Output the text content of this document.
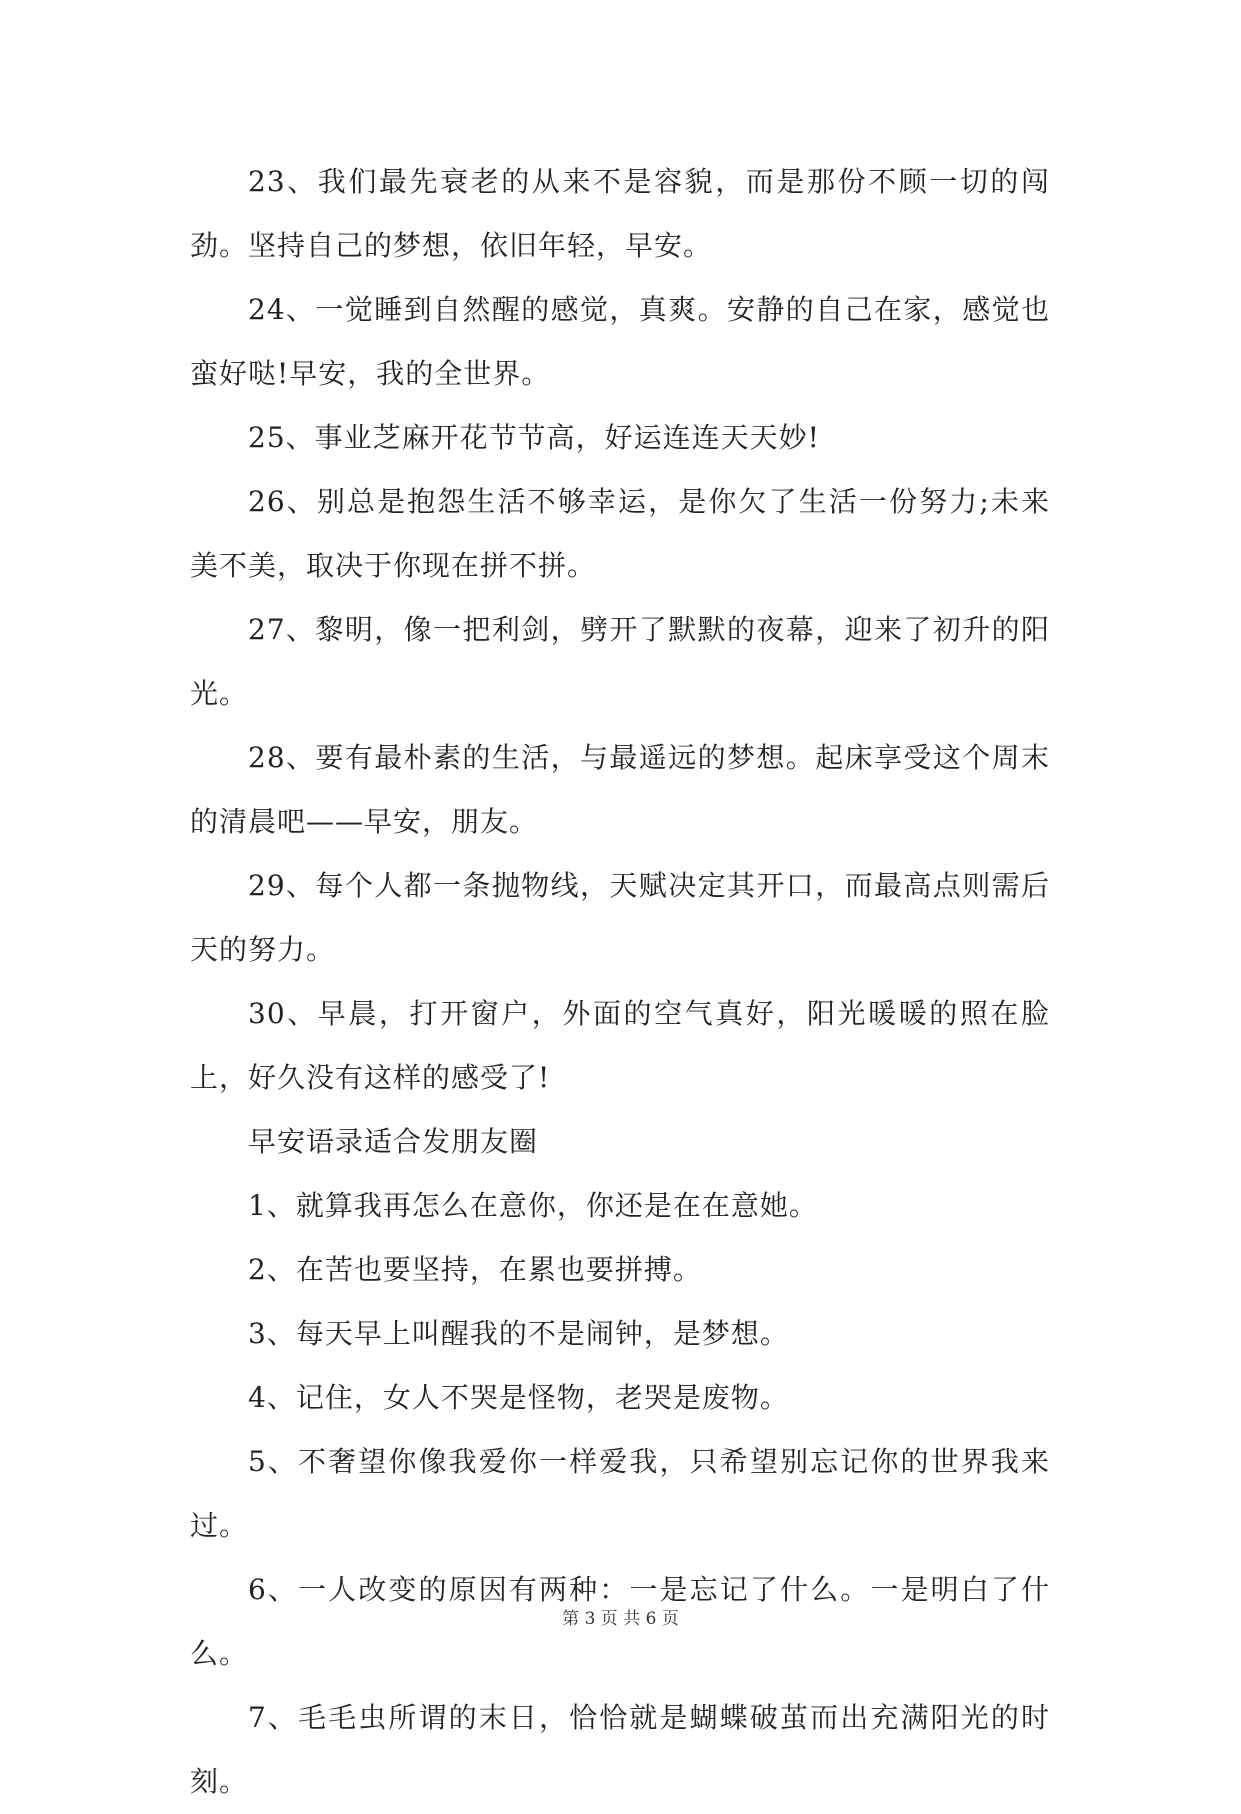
23、我们最先衰老的从来不是容貌，而是那份不顾一切的闯劲。坚持自己的梦想，依旧年轻，早安。

24、一觉睡到自然醒的感觉，真爽。安静的自己在家，感觉也蛮好哒!早安，我的全世界。

25、事业芝麻开花节节高，好运连连天天妙!

26、别总是抱怨生活不够幸运，是你欠了生活一份努力;未来美不美，取决于你现在拼不拼。

27、黎明，像一把利剑，劈开了默默的夜幕，迎来了初升的阳光。

28、要有最朴素的生活，与最遥远的梦想。起床享受这个周末的清晨吧——早安，朋友。

29、每个人都一条抛物线，天赋决定其开口，而最高点则需后天的努力。

30、早晨，打开窗户，外面的空气真好，阳光暖暖的照在脸上，好久没有这样的感受了!

早安语录适合发朋友圈

1、就算我再怎么在意你，你还是在在意她。

2、在苦也要坚持，在累也要拼搏。

3、每天早上叫醒我的不是闹钟，是梦想。

4、记住，女人不哭是怪物，老哭是废物。

5、不奢望你像我爱你一样爱我，只希望别忘记你的世界我来过。

6、一人改变的原因有两种：一是忘记了什么。一是明白了什么。

7、毛毛虫所谓的末日，恰恰就是蝴蝶破茧而出充满阳光的时刻。

第 3 页 共 6 页
